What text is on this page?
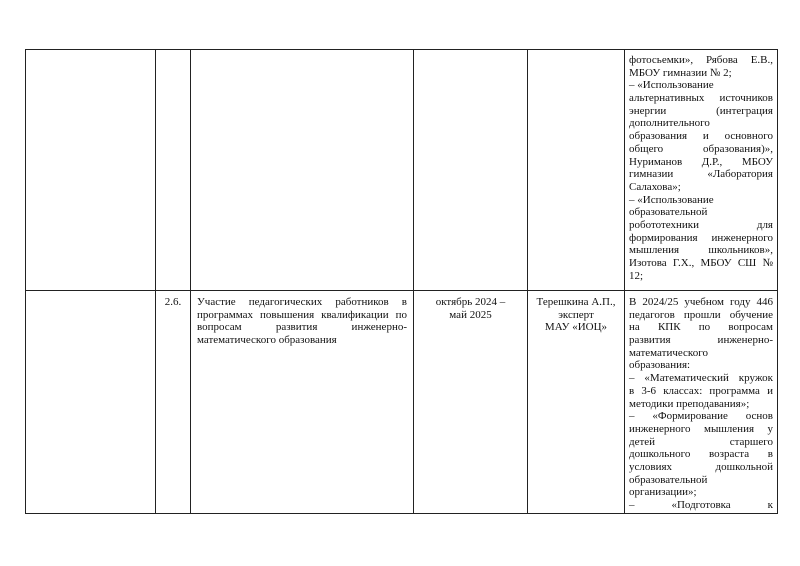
фотосьемки», Рябова Е.В.,
МБОУ гимназии № 2;
– «Использование
альтернативных источников
энергии (интеграция
дополнительного
образования и основного
общего образования)»,
Нуриманов Д.Р., МБОУ
гимназии «Лаборатория
Салахова»;
– «Использование
образовательной
робототехники для
формирования инженерного
мышления школьников»,
Изотова Г.Х., МБОУ СШ №
12;
2.6.	Участие педагогических работников в
программах повышения квалификации по
вопросам развития инженерно-
математического образования
октябрь 2024 –
май 2025
Терешкина А.П.,
эксперт
МАУ «ИОЦ»
В 2024/25 учебном году 446
педагогов прошли обучение
на КПК по вопросам
развития инженерно-
математического
образования:
– «Математический кружок
в 3-6 классах: программа и
методики преподавания»;
– «Формирование основ
инженерного мышления у
детей старшего
дошкольного возраста в
условиях дошкольной
образовательной
организации»;
– «Подготовка к
